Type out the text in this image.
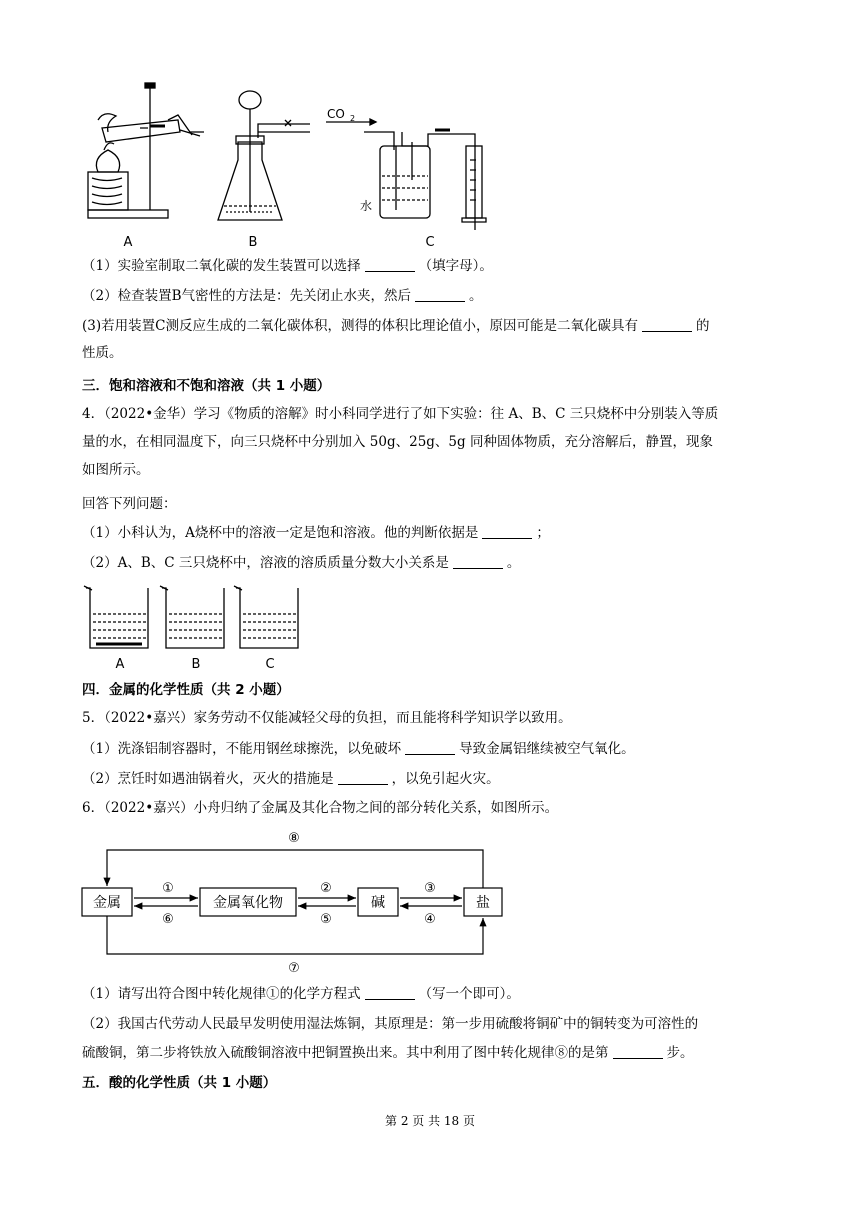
A	B
CO 2
水
C
（1）实验室制取二氧化碳的发生装置可以选择	（填字母）。
（2）检查装置B气密性的方法是：先关闭止水夹，然后	。
(3)若用装置C测反应生成的二氧化碳体积，测得的体积比理论值小，原因可能是二氧化碳具有	的
性质。
三．饱和溶液和不饱和溶液（共 1 小题）
4．（2022•金华）学习《物质的溶解》时小科同学进行了如下实验：往 A、B、C 三只烧杯中分别装入等质
量的水，在相同温度下，向三只烧杯中分别加入 50g、25g、5g 同种固体物质，充分溶解后，静置，现象
如图所示。
回答下列问题：
（1）小科认为，A烧杯中的溶液一定是饱和溶液。他的判断依据是	；
（2）A、B、C 三只烧杯中，溶液的溶质质量分数大小关系是	。
A	B	C
四．金属的化学性质（共 2 小题）
5．（2022•嘉兴）家务劳动不仅能减轻父母的负担，而且能将科学知识学以致用。
（1）洗涤铝制容器时，不能用钢丝球擦洗，以免破坏	导致金属铝继续被空气氧化。
（2）烹饪时如遇油锅着火，灭火的措施是	，以免引起火灾。
6．（2022•嘉兴）小舟归纳了金属及其化合物之间的部分转化关系，如图所示。
金属	金属氧化物	碱	盐
①
⑥
②
⑤
③
④
⑧
⑦
（1）请写出符合图中转化规律①的化学方程式	（写一个即可）。
（2）我国古代劳动人民最早发明使用湿法炼铜，其原理是：第一步用硫酸将铜矿中的铜转变为可溶性的
硫酸铜，第二步将铁放入硫酸铜溶液中把铜置换出来。其中利用了图中转化规律⑧的是第	步。
五．酸的化学性质（共 1 小题）
第 2 页 共 18 页
